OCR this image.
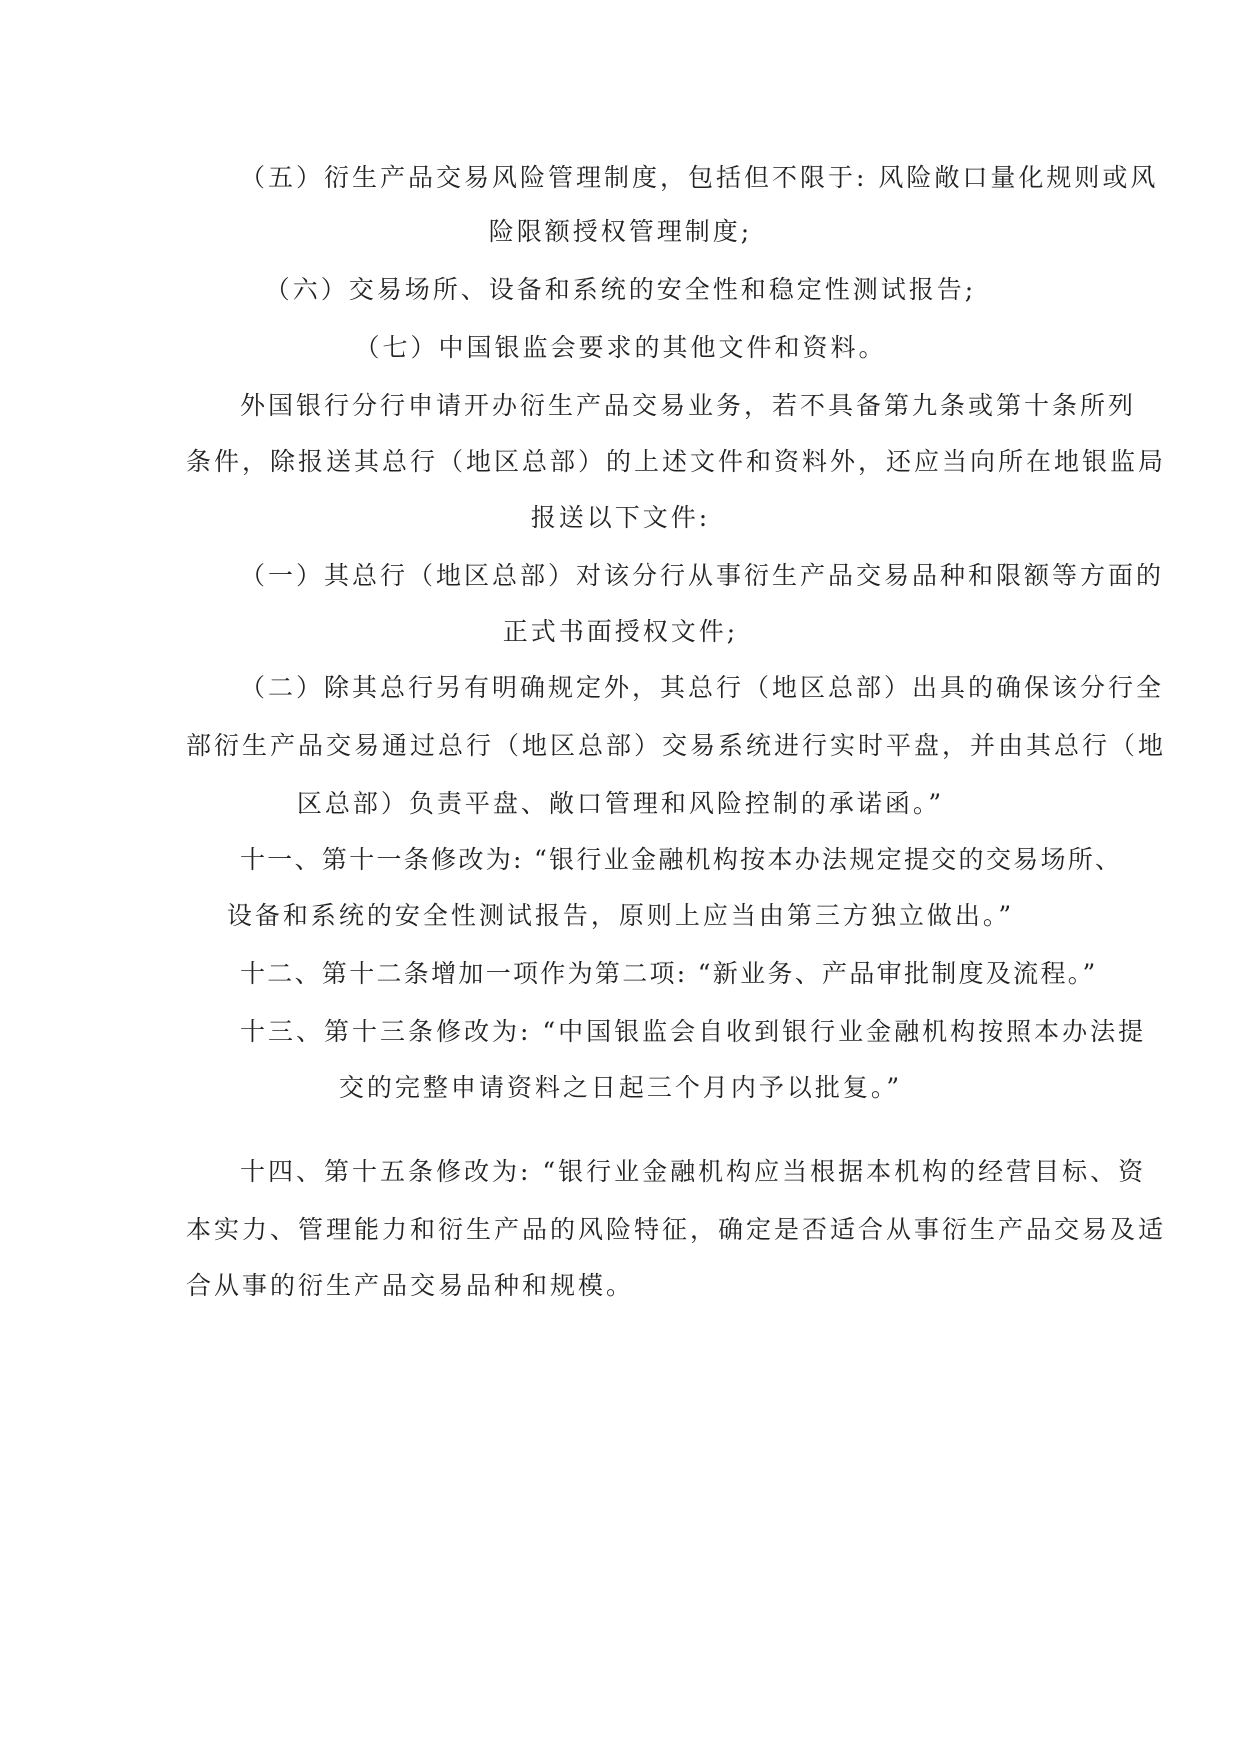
（五）衍生产品交易风险管理制度，包括但不限于: 风险敞口量化规则或风

险限额授权管理制度;

（六）交易场所、设备和系统的安全性和稳定性测试报告;

（七）中国银监会要求的其他文件和资料。

外国银行分行申请开办衍生产品交易业务，若不具备第九条或第十条所列

条件，除报送其总行（地区总部）的上述文件和资料外，还应当向所在地银监局

报送以下文件:

（一）其总行（地区总部）对该分行从事衍生产品交易品种和限额等方面的

正式书面授权文件;

（二）除其总行另有明确规定外，其总行（地区总部）出具的确保该分行全

部衍生产品交易通过总行（地区总部）交易系统进行实时平盘，并由其总行（地

区总部）负责平盘、敞口管理和风险控制的承诺函。”

十一、第十一条修改为: “银行业金融机构按本办法规定提交的交易场所、

设备和系统的安全性测试报告，原则上应当由第三方独立做出。”

十二、第十二条增加一项作为第二项: “新业务、产品审批制度及流程。”

十三、第十三条修改为: “中国银监会自收到银行业金融机构按照本办法提

交的完整申请资料之日起三个月内予以批复。”

十四、第十五条修改为: “银行业金融机构应当根据本机构的经营目标、资

本实力、管理能力和衍生产品的风险特征，确定是否适合从事衍生产品交易及适

合从事的衍生产品交易品种和规模。
